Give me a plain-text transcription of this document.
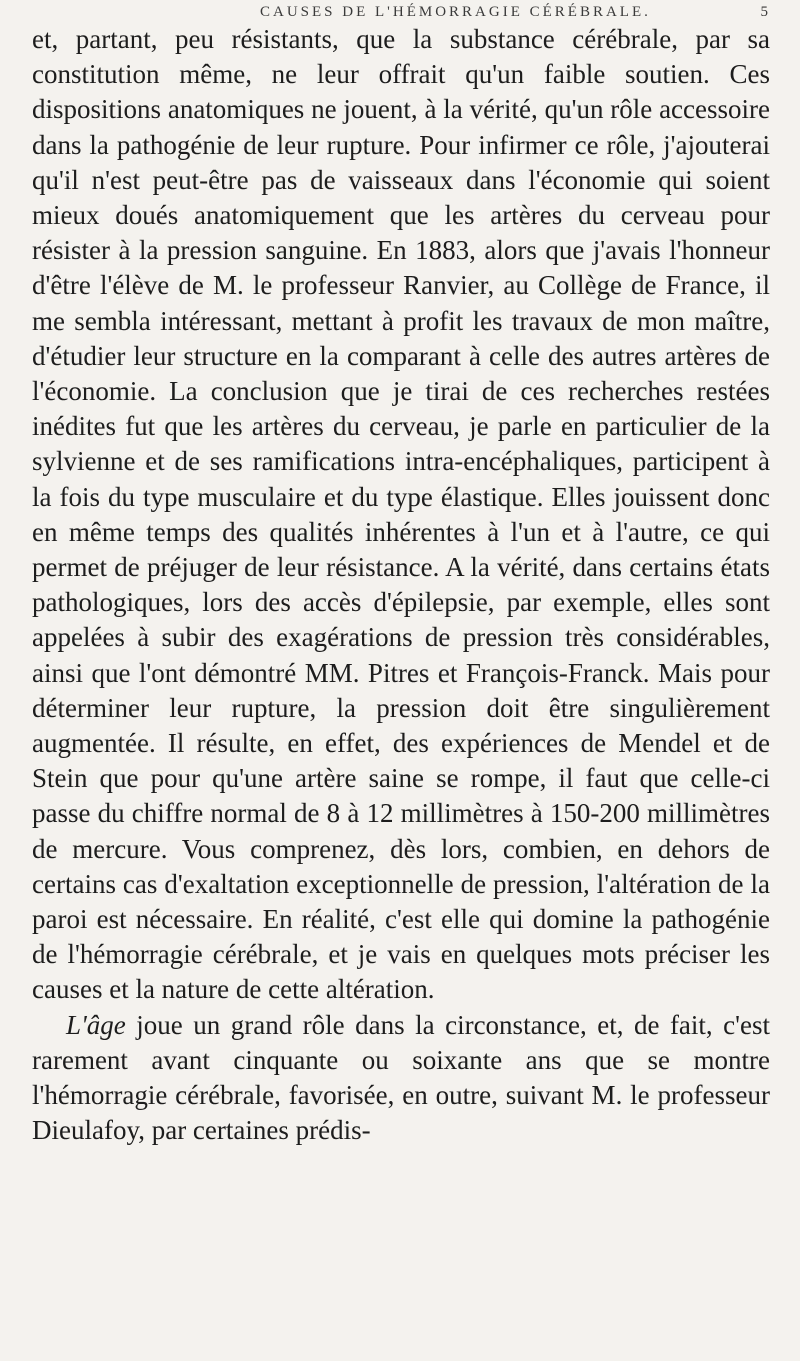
CAUSES DE L'HÉMORRAGIE CÉRÉBRALE.	5

et, partant, peu résistants, que la substance cérébrale, par sa constitution même, ne leur offrait qu'un faible soutien. Ces dispositions anatomiques ne jouent, à la vérité, qu'un rôle accessoire dans la pathogénie de leur rupture. Pour infirmer ce rôle, j'ajouterai qu'il n'est peut-être pas de vaisseaux dans l'économie qui soient mieux doués anatomiquement que les artères du cerveau pour résister à la pression sanguine. En 1883, alors que j'avais l'honneur d'être l'élève de M. le professeur Ranvier, au Collège de France, il me sembla intéressant, mettant à profit les travaux de mon maître, d'étudier leur structure en la comparant à celle des autres artères de l'économie. La conclusion que je tirai de ces recherches restées inédites fut que les artères du cerveau, je parle en particulier de la sylvienne et de ses ramifications intra-encéphaliques, participent à la fois du type musculaire et du type élastique. Elles jouissent donc en même temps des qualités inhérentes à l'un et à l'autre, ce qui permet de préjuger de leur résistance. A la vérité, dans certains états pathologiques, lors des accès d'épilepsie, par exemple, elles sont appelées à subir des exagérations de pression très considérables, ainsi que l'ont démontré MM. Pitres et François-Franck. Mais pour déterminer leur rupture, la pression doit être singulièrement augmentée. Il résulte, en effet, des expériences de Mendel et de Stein que pour qu'une artère saine se rompe, il faut que celle-ci passe du chiffre normal de 8 à 12 millimètres à 150-200 millimètres de mercure. Vous comprenez, dès lors, combien, en dehors de certains cas d'exaltation exceptionnelle de pression, l'altération de la paroi est nécessaire. En réalité, c'est elle qui domine la pathogénie de l'hémorragie cérébrale, et je vais en quelques mots préciser les causes et la nature de cette altération.

L'âge joue un grand rôle dans la circonstance, et, de fait, c'est rarement avant cinquante ou soixante ans que se montre l'hémorragie cérébrale, favorisée, en outre, suivant M. le professeur Dieulafoy, par certaines prédis-
